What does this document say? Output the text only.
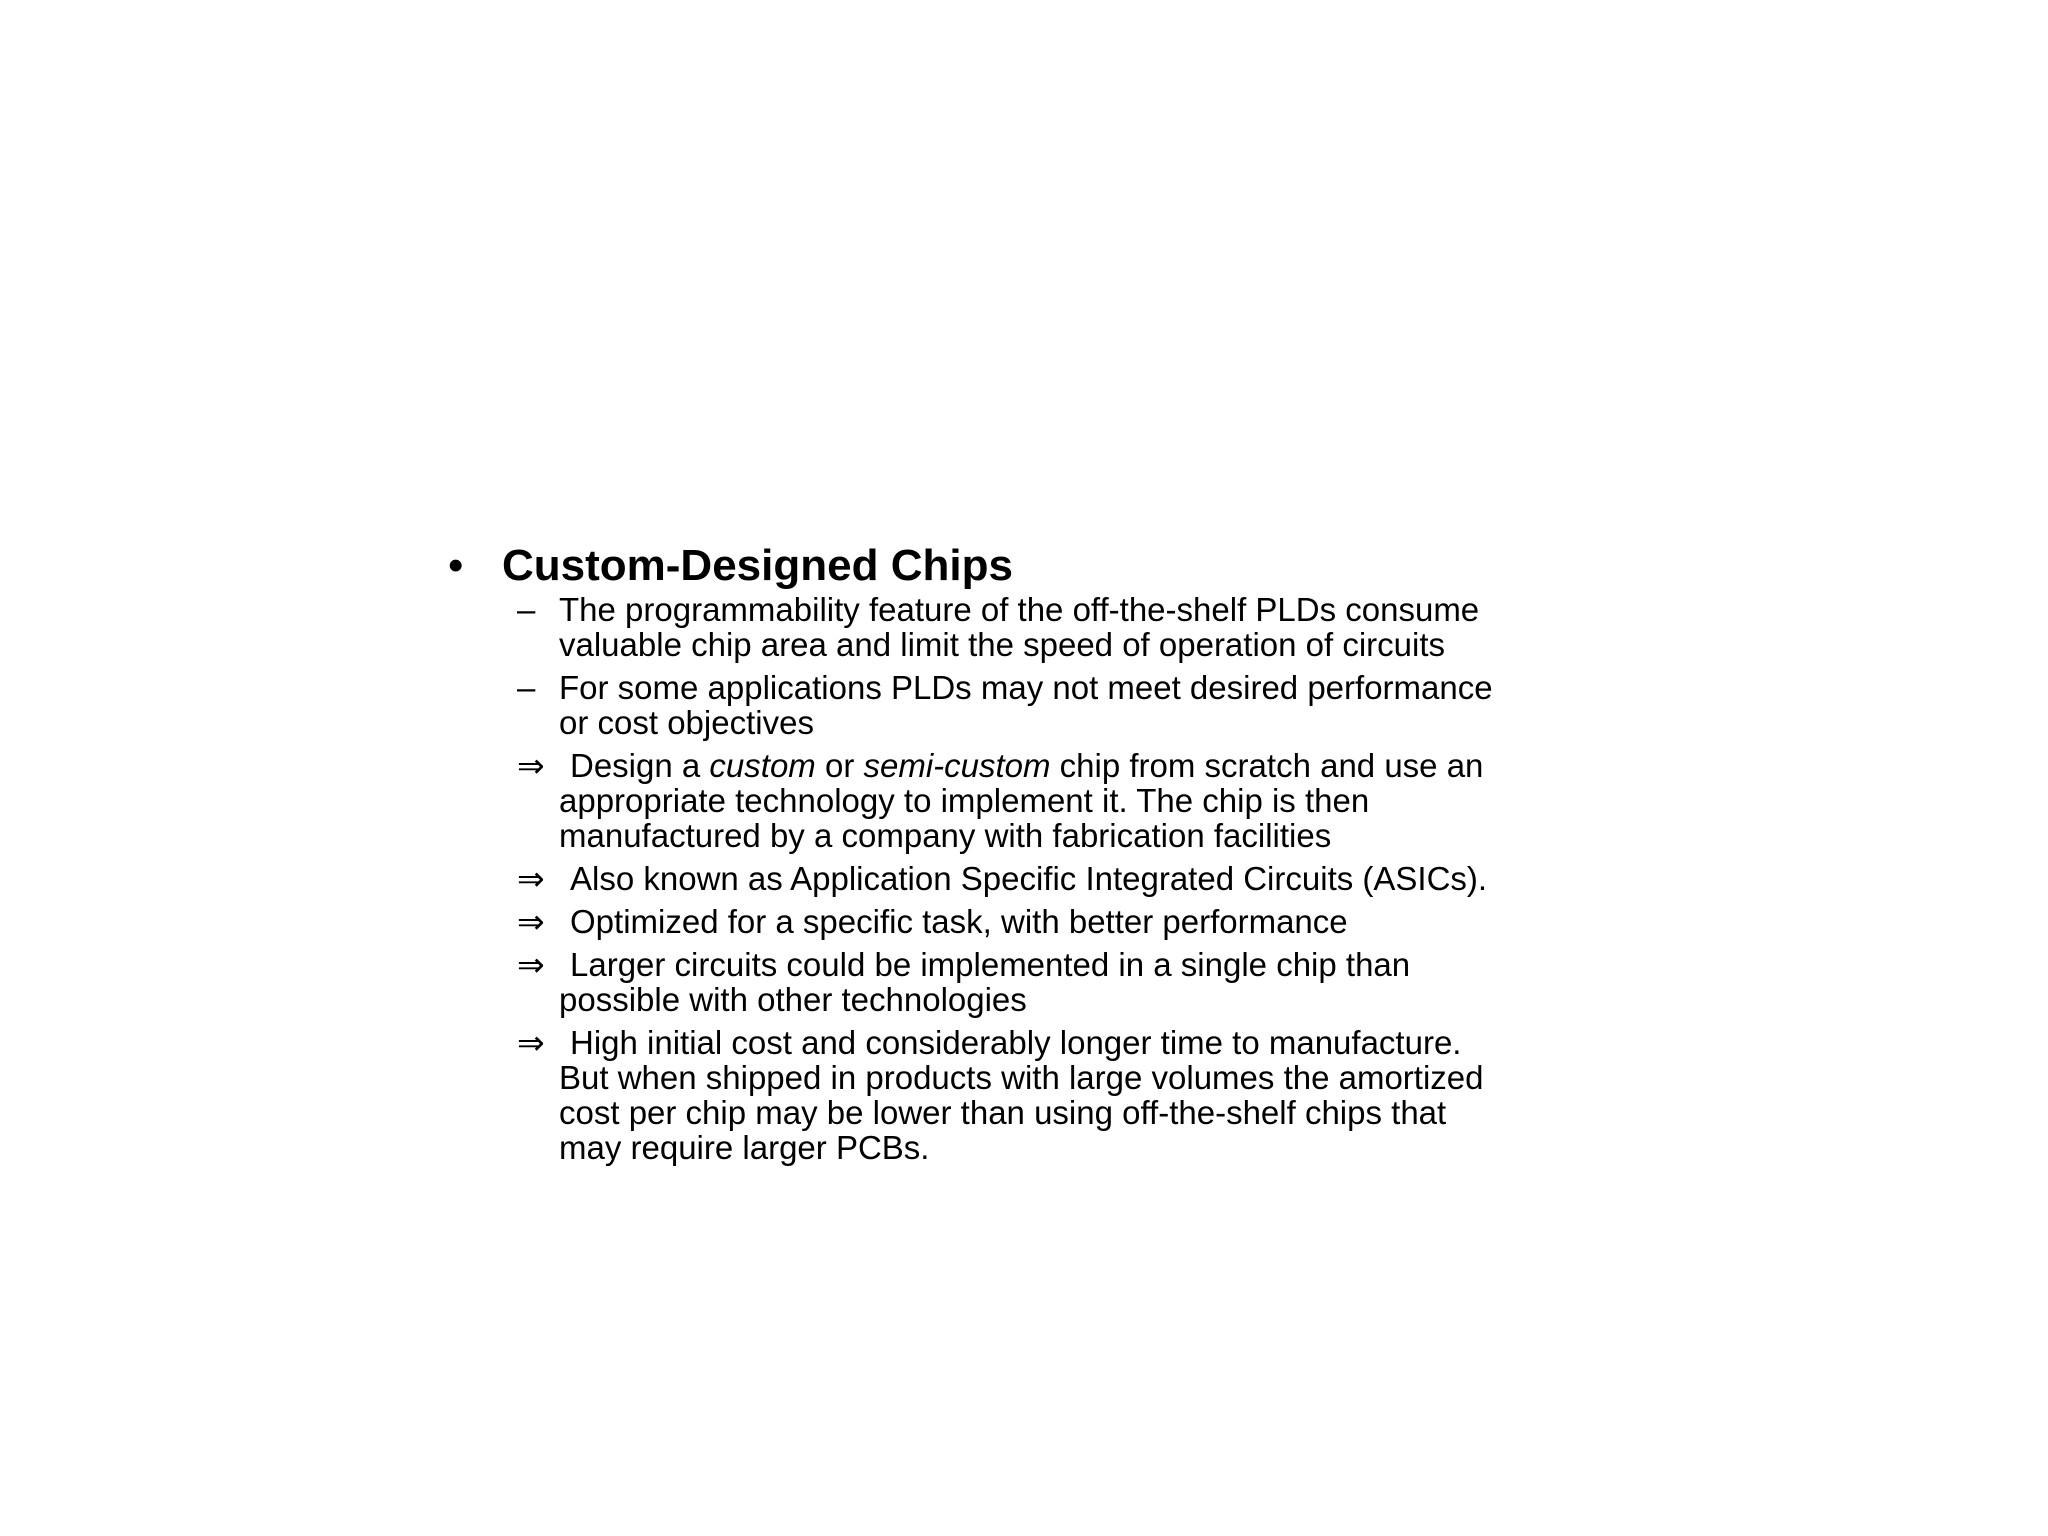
• Custom-Designed Chips
– The programmability feature of the off-the-shelf PLDs consume
valuable chip area and limit the speed of operation of circuits
– For some applications PLDs may not meet desired performance
or cost objectives
⇒ Design a custom or semi-custom chip from scratch and use an
appropriate technology to implement it. The chip is then
manufactured by a company with fabrication facilities
⇒ Also known as Application Specific Integrated Circuits (ASICs).
⇒ Optimized for a specific task, with better performance
⇒ Larger circuits could be implemented in a single chip than
possible with other technologies
⇒ High initial cost and considerably longer time to manufacture.
But when shipped in products with large volumes the amortized
cost per chip may be lower than using off-the-shelf chips that
may require larger PCBs.
